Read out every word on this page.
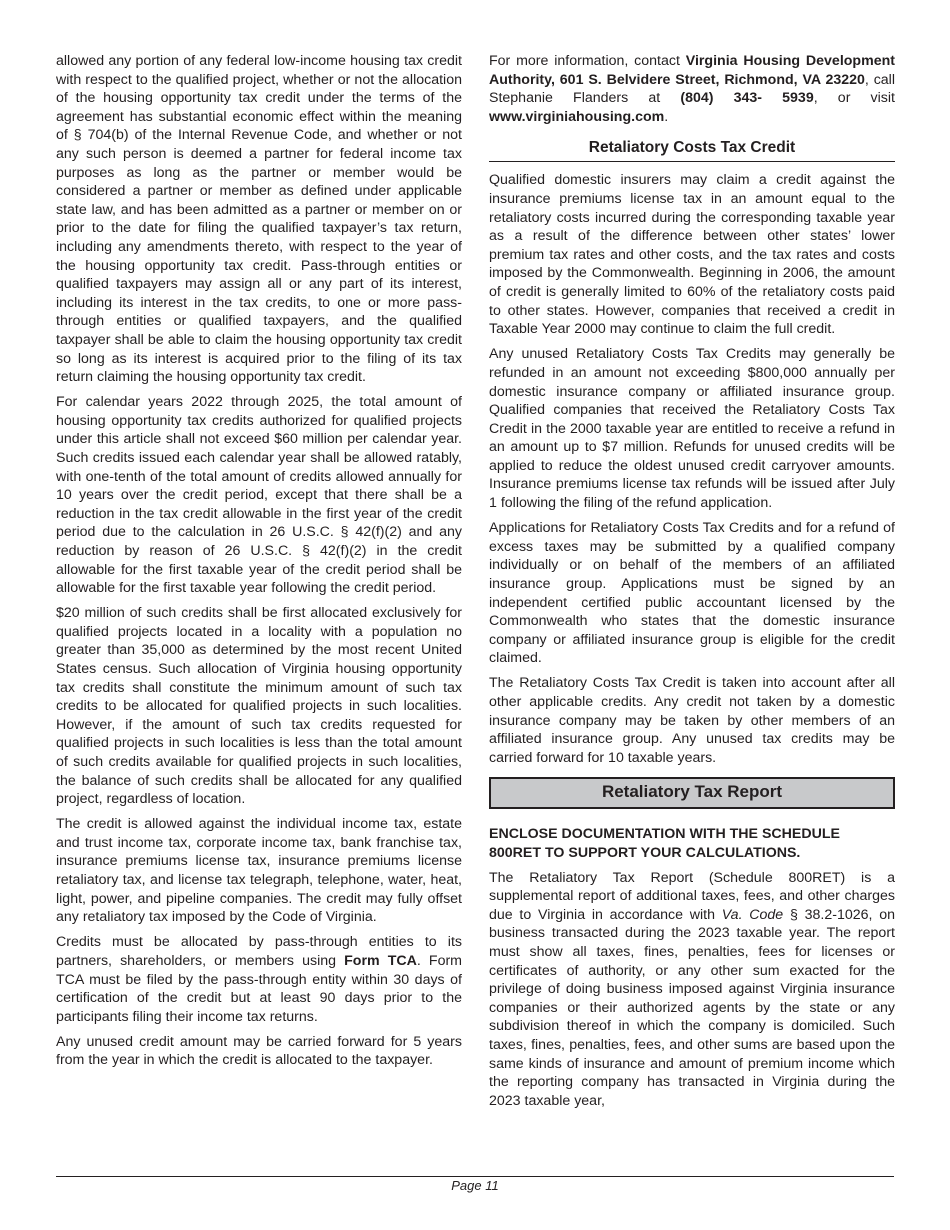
allowed any portion of any federal low-income housing tax credit with respect to the qualified project, whether or not the allocation of the housing opportunity tax credit under the terms of the agreement has substantial economic effect within the meaning of § 704(b) of the Internal Revenue Code, and whether or not any such person is deemed a partner for federal income tax purposes as long as the partner or member would be considered a partner or member as defined under applicable state law, and has been admitted as a partner or member on or prior to the date for filing the qualified taxpayer’s tax return, including any amendments thereto, with respect to the year of the housing opportunity tax credit. Pass-through entities or qualified taxpayers may assign all or any part of its interest, including its interest in the tax credits, to one or more pass-through entities or qualified taxpayers, and the qualified taxpayer shall be able to claim the housing opportunity tax credit so long as its interest is acquired prior to the filing of its tax return claiming the housing opportunity tax credit.

For calendar years 2022 through 2025, the total amount of housing opportunity tax credits authorized for qualified projects under this article shall not exceed $60 million per calendar year. Such credits issued each calendar year shall be allowed ratably, with one-tenth of the total amount of credits allowed annually for 10 years over the credit period, except that there shall be a reduction in the tax credit allowable in the first year of the credit period due to the calculation in 26 U.S.C. § 42(f)(2) and any reduction by reason of 26 U.S.C. § 42(f)(2) in the credit allowable for the first taxable year of the credit period shall be allowable for the first taxable year following the credit period.

$20 million of such credits shall be first allocated exclusively for qualified projects located in a locality with a population no greater than 35,000 as determined by the most recent United States census. Such allocation of Virginia housing opportunity tax credits shall constitute the minimum amount of such tax credits to be allocated for qualified projects in such localities. However, if the amount of such tax credits requested for qualified projects in such localities is less than the total amount of such credits available for qualified projects in such localities, the balance of such credits shall be allocated for any qualified project, regardless of location.

The credit is allowed against the individual income tax, estate and trust income tax, corporate income tax, bank franchise tax, insurance premiums license tax, insurance premiums license retaliatory tax, and license tax telegraph, telephone, water, heat, light, power, and pipeline companies. The credit may fully offset any retaliatory tax imposed by the Code of Virginia.

Credits must be allocated by pass-through entities to its partners, shareholders, or members using Form TCA. Form TCA must be filed by the pass-through entity within 30 days of certification of the credit but at least 90 days prior to the participants filing their income tax returns.

Any unused credit amount may be carried forward for 5 years from the year in which the credit is allocated to the taxpayer.

For more information, contact Virginia Housing Development Authority, 601 S. Belvidere Street, Richmond, VA 23220, call Stephanie Flanders at (804) 343- 5939, or visit www.virginiahousing.com.

Retaliatory Costs Tax Credit

Qualified domestic insurers may claim a credit against the insurance premiums license tax in an amount equal to the retaliatory costs incurred during the corresponding taxable year as a result of the difference between other states’ lower premium tax rates and other costs, and the tax rates and costs imposed by the Commonwealth. Beginning in 2006, the amount of credit is generally limited to 60% of the retaliatory costs paid to other states. However, companies that received a credit in Taxable Year 2000 may continue to claim the full credit.

Any unused Retaliatory Costs Tax Credits may generally be refunded in an amount not exceeding $800,000 annually per domestic insurance company or affiliated insurance group. Qualified companies that received the Retaliatory Costs Tax Credit in the 2000 taxable year are entitled to receive a refund in an amount up to $7 million. Refunds for unused credits will be applied to reduce the oldest unused credit carryover amounts. Insurance premiums license tax refunds will be issued after July 1 following the filing of the refund application.

Applications for Retaliatory Costs Tax Credits and for a refund of excess taxes may be submitted by a qualified company individually or on behalf of the members of an affiliated insurance group. Applications must be signed by an independent certified public accountant licensed by the Commonwealth who states that the domestic insurance company or affiliated insurance group is eligible for the credit claimed.

The Retaliatory Costs Tax Credit is taken into account after all other applicable credits. Any credit not taken by a domestic insurance company may be taken by other members of an affiliated insurance group. Any unused tax credits may be carried forward for 10 taxable years.

Retaliatory Tax Report

ENCLOSE DOCUMENTATION WITH THE SCHEDULE 800RET TO SUPPORT YOUR CALCULATIONS.

The Retaliatory Tax Report (Schedule 800RET) is a supplemental report of additional taxes, fees, and other charges due to Virginia in accordance with Va. Code § 38.2-1026, on business transacted during the 2023 taxable year. The report must show all taxes, fines, penalties, fees for licenses or certificates of authority, or any other sum exacted for the privilege of doing business imposed against Virginia insurance companies or their authorized agents by the state or any subdivision thereof in which the company is domiciled. Such taxes, fines, penalties, fees, and other sums are based upon the same kinds of insurance and amount of premium income which the reporting company has transacted in Virginia during the 2023 taxable year,

Page 11
